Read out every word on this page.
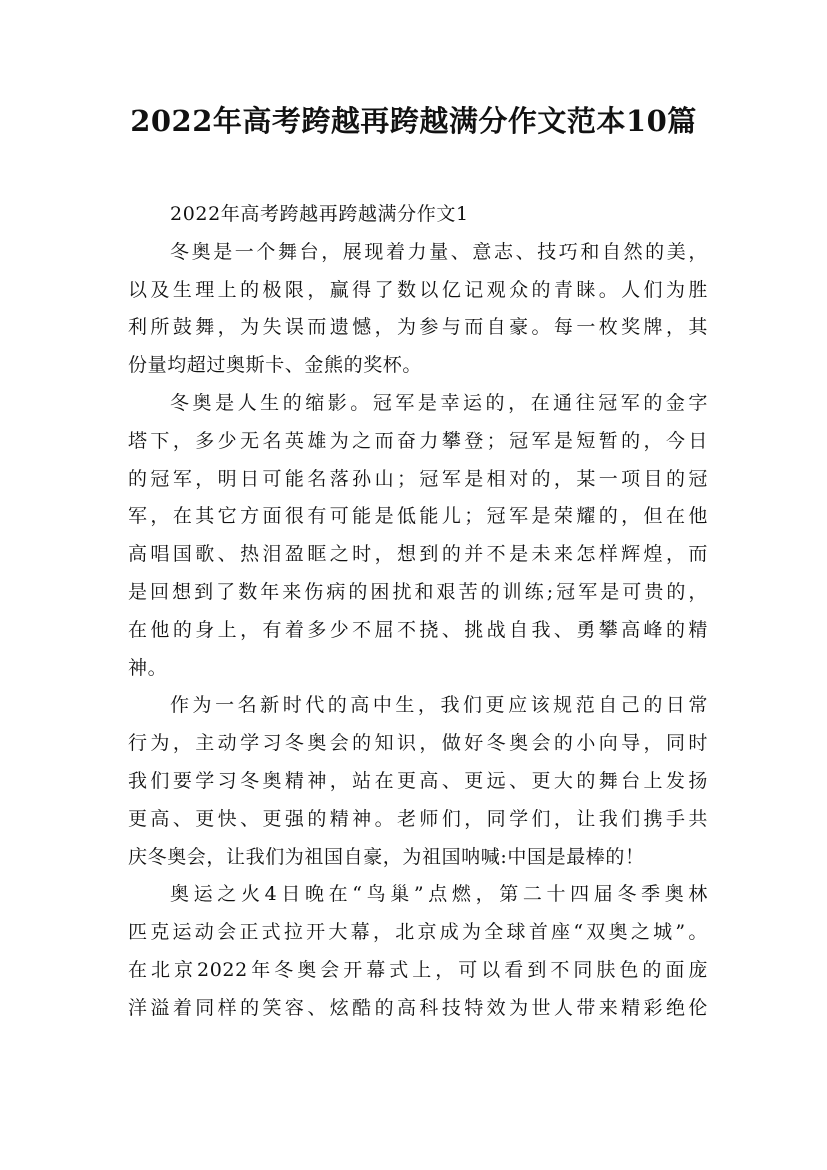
2022年高考跨越再跨越满分作文范本10篇
2022年高考跨越再跨越满分作文1
冬奥是一个舞台，展现着力量、意志、技巧和自然的美，
以及生理上的极限，赢得了数以亿记观众的青睐。人们为胜
利所鼓舞，为失误而遗憾，为参与而自豪。每一枚奖牌，其
份量均超过奥斯卡、金熊的奖杯。
冬奥是人生的缩影。冠军是幸运的，在通往冠军的金字
塔下，多少无名英雄为之而奋力攀登；冠军是短暂的，今日
的冠军，明日可能名落孙山；冠军是相对的，某一项目的冠
军，在其它方面很有可能是低能儿；冠军是荣耀的，但在他
高唱国歌、热泪盈眶之时，想到的并不是未来怎样辉煌，而
是回想到了数年来伤病的困扰和艰苦的训练;冠军是可贵的，
在他的身上，有着多少不屈不挠、挑战自我、勇攀高峰的精
神。
作为一名新时代的高中生，我们更应该规范自己的日常
行为，主动学习冬奥会的知识，做好冬奥会的小向导，同时
我们要学习冬奥精神，站在更高、更远、更大的舞台上发扬
更高、更快、更强的精神。老师们，同学们，让我们携手共
庆冬奥会，让我们为祖国自豪，为祖国呐喊:中国是最棒的！
奥运之火4日晚在“鸟巢”点燃，第二十四届冬季奥林
匹克运动会正式拉开大幕，北京成为全球首座“双奥之城”。
在北京2022年冬奥会开幕式上，可以看到不同肤色的面庞
洋溢着同样的笑容、炫酷的高科技特效为世人带来精彩绝伦
